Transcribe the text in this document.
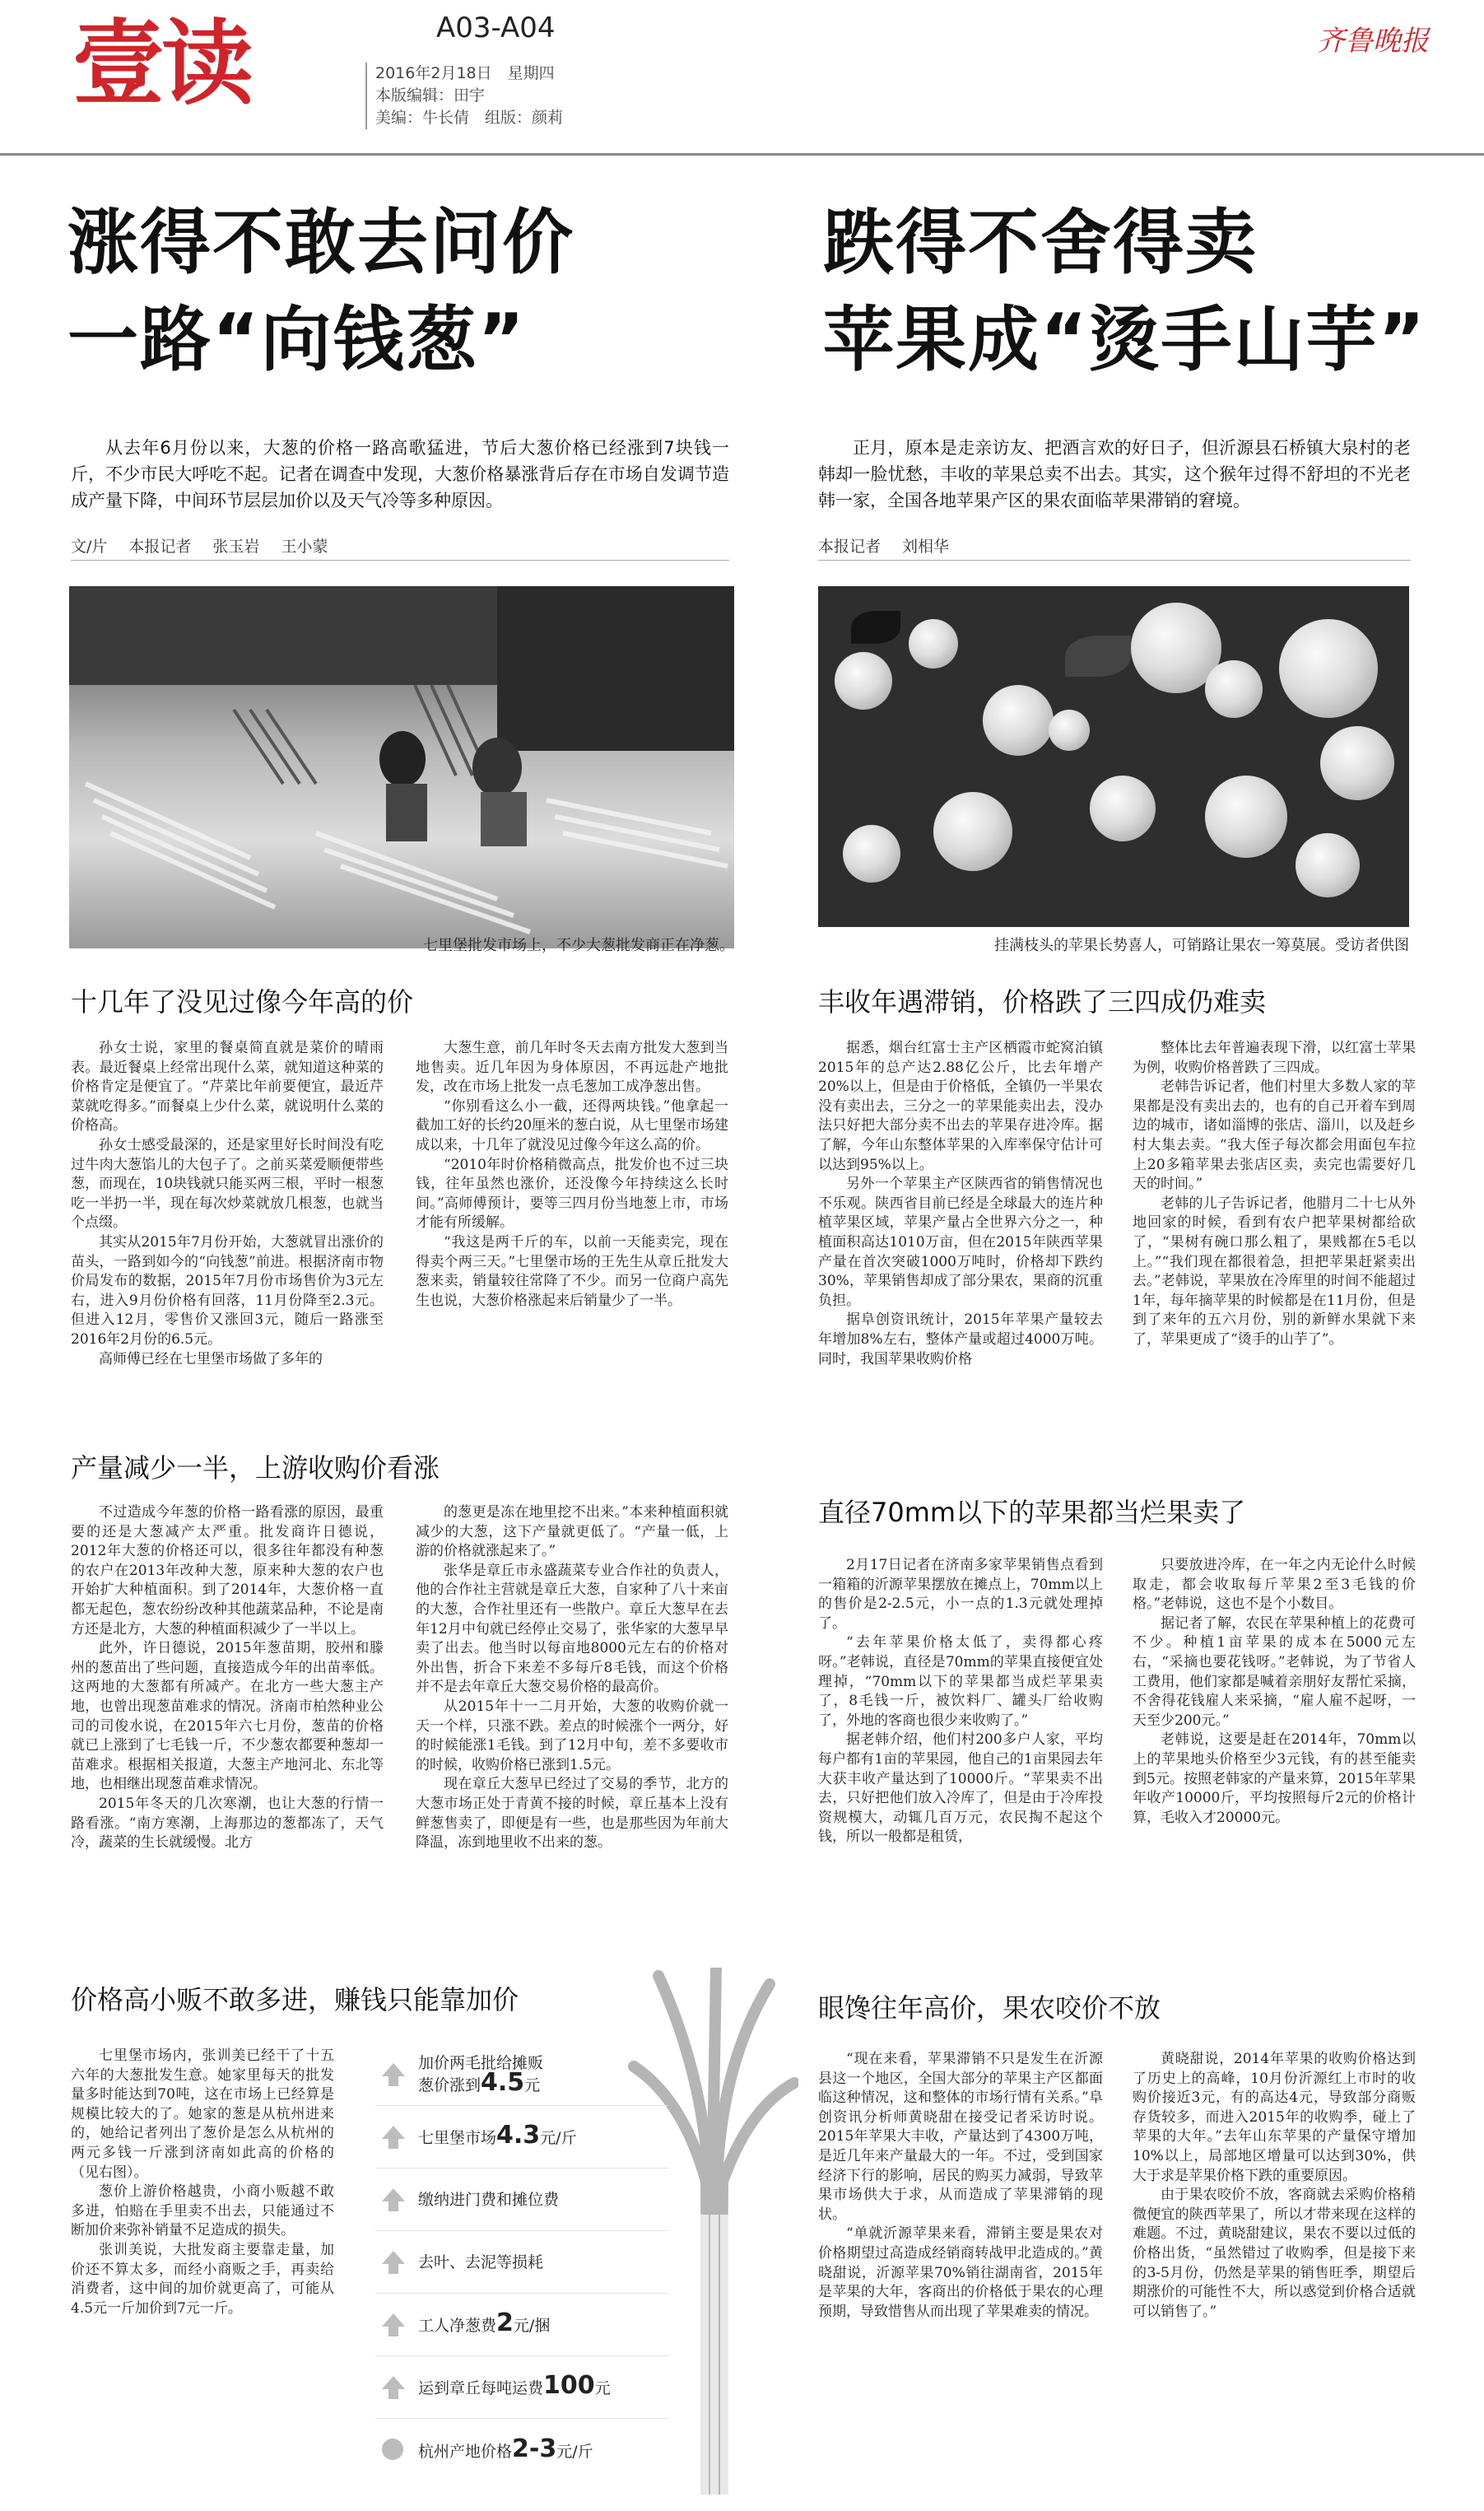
壹读	A03-A04
2016年2月18日　星期四
本版编辑：田宇
美编：牛长倩　组版：颜莉
齐鲁晚报
涨得不敢去问价
一路“向钱葱”

从去年6月份以来，大葱的价格一路高歌猛进，节后大葱价格已经涨到7块钱一斤，不少市民大呼吃不起。记者在调查中发现，大葱价格暴涨背后存在市场自发调节造成产量下降，中间环节层层加价以及天气冷等多种原因。

文/片 本报记者 张玉岩 王小蒙
七里堡批发市场上，不少大葱批发商正在净葱。
十几年了没见过像今年高的价

孙女士说，家里的餐桌简直就是菜价的晴雨表。最近餐桌上经常出现什么菜，就知道这种菜的价格肯定是便宜了。“芹菜比年前要便宜，最近芹菜就吃得多。”而餐桌上少什么菜，就说明什么菜的价格高。

孙女士感受最深的，还是家里好长时间没有吃过牛肉大葱馅儿的大包子了。之前买菜爱顺便带些葱，而现在，10块钱就只能买两三根，平时一根葱吃一半扔一半，现在每次炒菜就放几根葱，也就当个点缀。

其实从2015年7月份开始，大葱就冒出涨价的苗头，一路到如今的“向钱葱”前进。根据济南市物价局发布的数据，2015年7月份市场售价为3元左右，进入9月份价格有回落，11月份降至2.3元。但进入12月，零售价又涨回3元，随后一路涨至2016年2月份的6.5元。

高师傅已经在七里堡市场做了多年的

大葱生意，前几年时冬天去南方批发大葱到当地售卖。近几年因为身体原因，不再远赴产地批发，改在市场上批发一点毛葱加工成净葱出售。

“你别看这么小一截，还得两块钱。”他拿起一截加工好的长约20厘米的葱白说，从七里堡市场建成以来，十几年了就没见过像今年这么高的价。

“2010年时价格稍微高点，批发价也不过三块钱，往年虽然也涨价，还没像今年持续这么长时间。”高师傅预计，要等三四月份当地葱上市，市场才能有所缓解。

“我这是两千斤的车，以前一天能卖完，现在得卖个两三天。”七里堡市场的王先生从章丘批发大葱来卖，销量较往常降了不少。而另一位商户高先生也说，大葱价格涨起来后销量少了一半。

产量减少一半，上游收购价看涨

不过造成今年葱的价格一路看涨的原因，最重要的还是大葱减产太严重。批发商许日德说，2012年大葱的价格还可以，很多往年都没有种葱的农户在2013年改种大葱，原来种大葱的农户也开始扩大种植面积。到了2014年，大葱价格一直都无起色，葱农纷纷改种其他蔬菜品种，不论是南方还是北方，大葱的种植面积减少了一半以上。

此外，许日德说，2015年葱苗期，胶州和滕州的葱苗出了些问题，直接造成今年的出苗率低。这两地的大葱都有所减产。在北方一些大葱主产地，也曾出现葱苗难求的情况。济南市柏然种业公司的司俊水说，在2015年六七月份，葱苗的价格就已上涨到了七毛钱一斤，不少葱农都要种葱却一苗难求。根据相关报道，大葱主产地河北、东北等地，也相继出现葱苗难求情况。

2015年冬天的几次寒潮，也让大葱的行情一路看涨。“南方寒潮，上海那边的葱都冻了，天气冷，蔬菜的生长就缓慢。北方

的葱更是冻在地里挖不出来。”本来种植面积就减少的大葱，这下产量就更低了。“产量一低，上游的价格就涨起来了。”

张华是章丘市永盛蔬菜专业合作社的负责人，他的合作社主营就是章丘大葱，自家种了八十来亩的大葱，合作社里还有一些散户。章丘大葱早在去年12月中旬就已经停止交易了，张华家的大葱早早卖了出去。他当时以每亩地8000元左右的价格对外出售，折合下来差不多每斤8毛钱，而这个价格并不是去年章丘大葱交易价格的最高价。

从2015年十一二月开始，大葱的收购价就一天一个样，只涨不跌。差点的时候涨个一两分，好的时候能涨1毛钱。到了12月中旬，差不多要收市的时候，收购价格已涨到1.5元。

现在章丘大葱早已经过了交易的季节，北方的大葱市场正处于青黄不接的时候，章丘基本上没有鲜葱售卖了，即便是有一些，也是那些因为年前大降温，冻到地里收不出来的葱。

价格高小贩不敢多进，赚钱只能靠加价

七里堡市场内，张训美已经干了十五六年的大葱批发生意。她家里每天的批发量多时能达到70吨，这在市场上已经算是规模比较大的了。她家的葱是从杭州进来的，她给记者列出了葱价是怎么从杭州的两元多钱一斤涨到济南如此高的价格的（见右图）。

葱价上游价格越贵，小商小贩越不敢多进，怕赔在手里卖不出去，只能通过不断加价来弥补销量不足造成的损失。

张训美说，大批发商主要靠走量，加价还不算太多，而经小商贩之手，再卖给消费者，这中间的加价就更高了，可能从4.5元一斤加价到7元一斤。

加价两毛批给摊贩
葱价涨到4.5元
七里堡市场4.3元/斤
缴纳进门费和摊位费
去叶、去泥等损耗
工人净葱费2元/捆
运到章丘每吨运费100元
杭州产地价格2-3元/斤
跌得不舍得卖
苹果成“烫手山芋”

正月，原本是走亲访友、把酒言欢的好日子，但沂源县石桥镇大泉村的老韩却一脸忧愁，丰收的苹果总卖不出去。其实，这个猴年过得不舒坦的不光老韩一家，全国各地苹果产区的果农面临苹果滞销的窘境。

本报记者 刘相华
挂满枝头的苹果长势喜人，可销路让果农一筹莫展。受访者供图
丰收年遇滞销，价格跌了三四成仍难卖

据悉，烟台红富士主产区栖霞市蛇窝泊镇2015年的总产达2.88亿公斤，比去年增产20%以上，但是由于价格低，全镇仍一半果农没有卖出去，三分之一的苹果能卖出去，没办法只好把大部分卖不出去的苹果存进冷库。据了解，今年山东整体苹果的入库率保守估计可以达到95%以上。

另外一个苹果主产区陕西省的销售情况也不乐观。陕西省目前已经是全球最大的连片种植苹果区域，苹果产量占全世界六分之一，种植面积高达1010万亩，但在2015年陕西苹果产量在首次突破1000万吨时，价格却下跌约30%，苹果销售却成了部分果农，果商的沉重负担。

据阜创资讯统计，2015年苹果产量较去年增加8%左右，整体产量或超过4000万吨。同时，我国苹果收购价格

整体比去年普遍表现下滑，以红富士苹果为例，收购价格普跌了三四成。

老韩告诉记者，他们村里大多数人家的苹果都是没有卖出去的，也有的自己开着车到周边的城市，诸如淄博的张店、淄川，以及赶乡村大集去卖。“我大侄子每次都会用面包车拉上20多箱苹果去张店区卖，卖完也需要好几天的时间。”

老韩的儿子告诉记者，他腊月二十七从外地回家的时候，看到有农户把苹果树都给砍了，“果树有碗口那么粗了，果贱都在5毛以上。”“我们现在都很着急，担把苹果赶紧卖出去。”老韩说，苹果放在冷库里的时间不能超过1年，每年摘苹果的时候都是在11月份，但是到了来年的五六月份，别的新鲜水果就下来了，苹果更成了“烫手的山芋了”。

直径70mm以下的苹果都当烂果卖了

2月17日记者在济南多家苹果销售点看到一箱箱的沂源苹果摆放在摊点上，70mm以上的售价是2-2.5元，小一点的1.3元就处理掉了。

“去年苹果价格太低了，卖得都心疼呀。”老韩说，直径是70mm的苹果直接便宜处理掉，“70mm以下的苹果都当成烂苹果卖了，8毛钱一斤，被饮料厂、罐头厂给收购了，外地的客商也很少来收购了。”

据老韩介绍，他们村200多户人家，平均每户都有1亩的苹果园，他自己的1亩果园去年大获丰收产量达到了10000斤。“苹果卖不出去，只好把他们放入冷库了，但是由于冷库投资规模大，动辄几百万元，农民掏不起这个钱，所以一般都是租赁，

只要放进冷库，在一年之内无论什么时候取走，都会收取每斤苹果2至3毛钱的价格。”老韩说，这也不是个小数目。

据记者了解，农民在苹果种植上的花费可不少。种植1亩苹果的成本在5000元左右，“采摘也要花钱呀。”老韩说，为了节省人工费用，他们家都是喊着亲朋好友帮忙采摘，不舍得花钱雇人来采摘，“雇人雇不起呀，一天至少200元。”

老韩说，这要是赶在2014年，70mm以上的苹果地头价格至少3元钱，有的甚至能卖到5元。按照老韩家的产量来算，2015年苹果年收产10000斤，平均按照每斤2元的价格计算，毛收入才20000元。

眼馋往年高价，果农咬价不放

“现在来看，苹果滞销不只是发生在沂源县这一个地区，全国大部分的苹果主产区都面临这种情况，这和整体的市场行情有关系。”阜创资讯分析师黄晓甜在接受记者采访时说。2015年苹果大丰收，产量达到了4300万吨，是近几年来产量最大的一年。不过，受到国家经济下行的影响，居民的购买力减弱，导致苹果市场供大于求，从而造成了苹果滞销的现状。

“单就沂源苹果来看，滞销主要是果农对价格期望过高造成经销商转战甲北造成的。”黄晓甜说，沂源苹果70%销往湖南省，2015年是苹果的大年，客商出的价格低于果农的心理预期，导致惜售从而出现了苹果难卖的情况。

黄晓甜说，2014年苹果的收购价格达到了历史上的高峰，10月份沂源红上市时的收购价接近3元，有的高达4元，导致部分商贩存货较多，而进入2015年的收购季，碰上了苹果的大年。”去年山东苹果的产量保守增加10%以上，局部地区增量可以达到30%，供大于求是苹果价格下跌的重要原因。

由于果农咬价不放，客商就去采购价格稍微便宜的陕西苹果了，所以才带来现在这样的难题。不过，黄晓甜建议，果农不要以过低的价格出货，“虽然错过了收购季，但是接下来的3-5月份，仍然是苹果的销售旺季，期望后期涨价的可能性不大，所以惑觉到价格合适就可以销售了。”
